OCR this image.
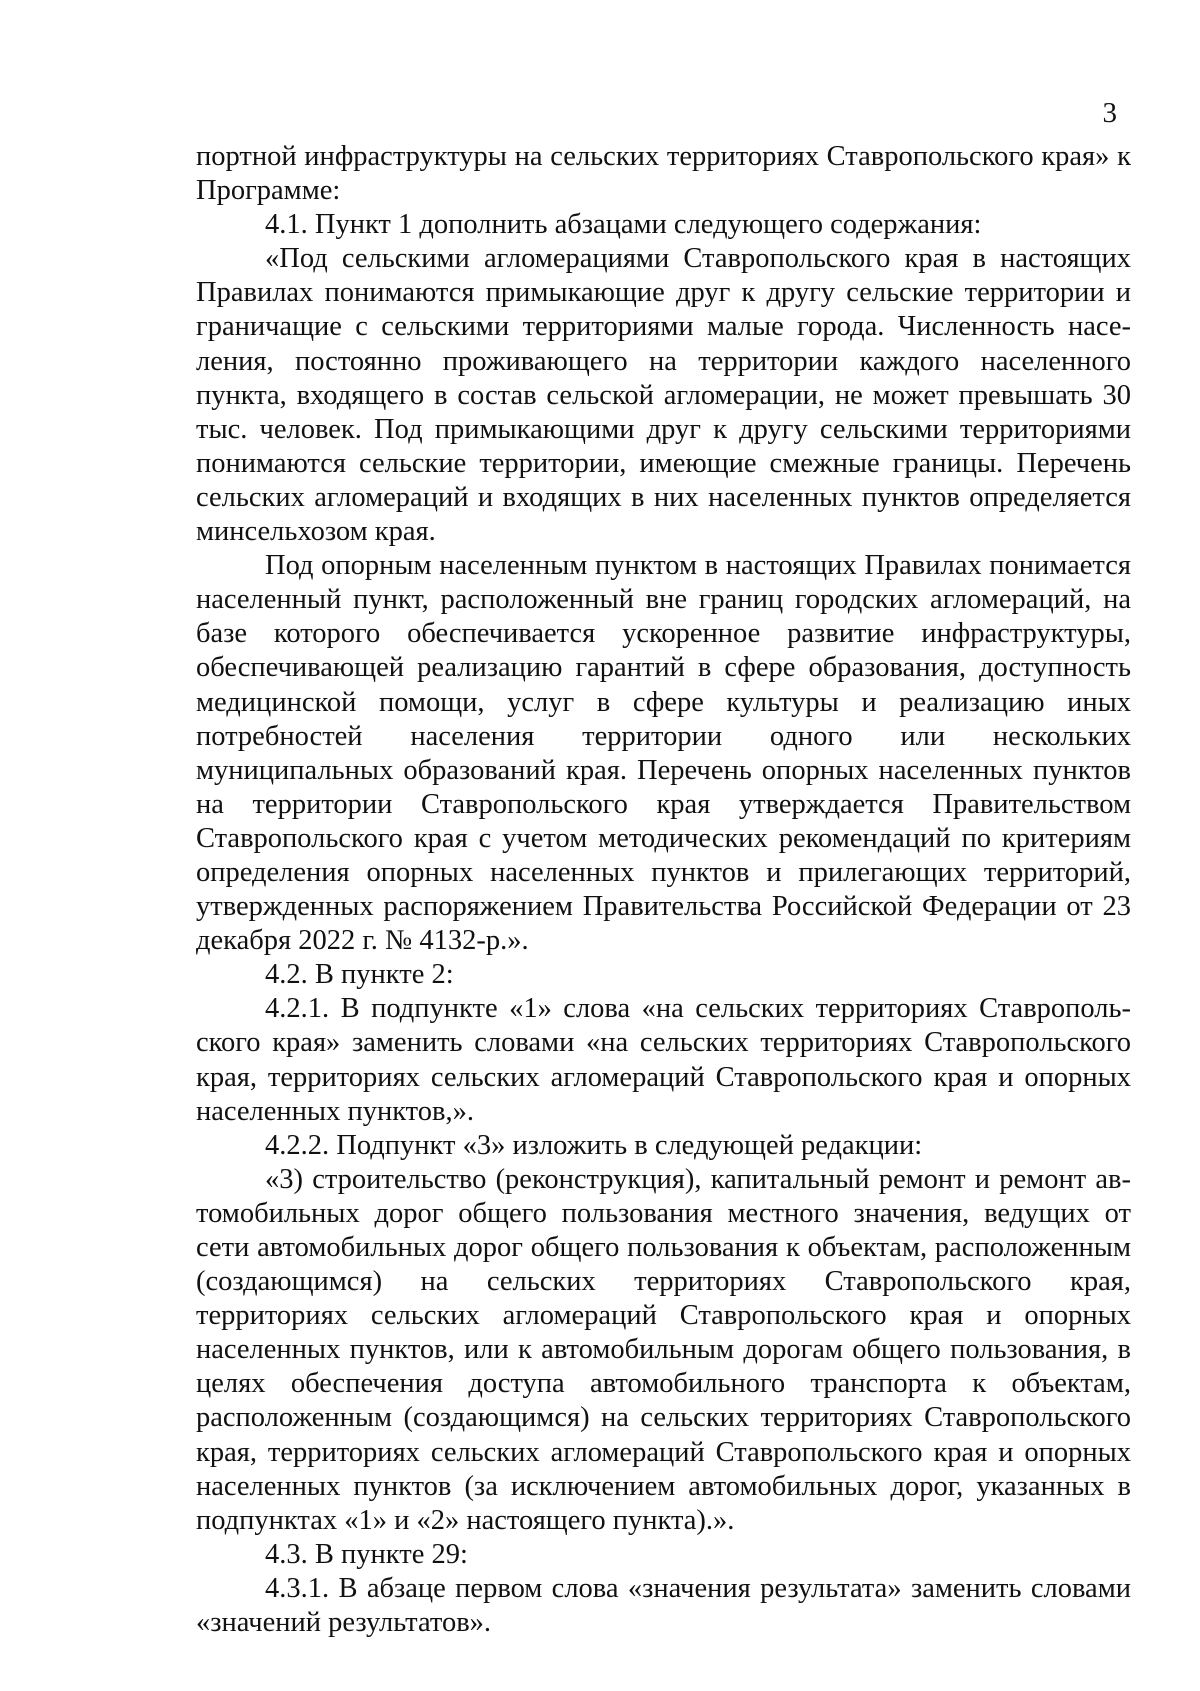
3

портной инфраструктуры на сельских территориях Ставропольского края» к Программе:

4.1. Пункт 1 дополнить абзацами следующего содержания:

«Под сельскими агломерациями Ставропольского края в настоящих Правилах понимаются примыкающие друг к другу сельские территории и граничащие с сельскими территориями малые города. Численность населения, постоянно проживающего на территории каждого населенного пункта, входящего в состав сельской агломерации, не может превышать 30 тыс. человек. Под примыкающими друг к другу сельскими территориями понимаются сельские территории, имеющие смежные границы. Перечень сельских агломераций и входящих в них населенных пунктов определяется минсельхозом края.

Под опорным населенным пунктом в настоящих Правилах понимается населенный пункт, расположенный вне границ городских агломераций, на базе которого обеспечивается ускоренное развитие инфраструктуры, обеспечивающей реализацию гарантий в сфере образования, доступность медицинской помощи, услуг в сфере культуры и реализацию иных потребностей населения территории одного или нескольких муниципальных образований края. Перечень опорных населенных пунктов на территории Ставропольского края утверждается Правительством Ставропольского края с учетом методических рекомендаций по критериям определения опорных населенных пунктов и прилегающих территорий, утвержденных распоряжением Правительства Российской Федерации от 23 декабря 2022 г. № 4132-р.».

4.2. В пункте 2:

4.2.1. В подпункте «1» слова «на сельских территориях Ставропольского края» заменить словами «на сельских территориях Ставропольского края, территориях сельских агломераций Ставропольского края и опорных населенных пунктов,».

4.2.2. Подпункт «3» изложить в следующей редакции:

«3) строительство (реконструкция), капитальный ремонт и ремонт автомобильных дорог общего пользования местного значения, ведущих от сети автомобильных дорог общего пользования к объектам, расположенным (создающимся) на сельских территориях Ставропольского края, территориях сельских агломераций Ставропольского края и опорных населенных пунктов, или к автомобильным дорогам общего пользования, в целях обеспечения доступа автомобильного транспорта к объектам, расположенным (создающимся) на сельских территориях Ставропольского края, территориях сельских агломераций Ставропольского края и опорных населенных пунктов (за исключением автомобильных дорог, указанных в подпунктах «1» и «2» настоящего пункта).».

4.3. В пункте 29:

4.3.1. В абзаце первом слова «значения результата» заменить словами «значений результатов».
